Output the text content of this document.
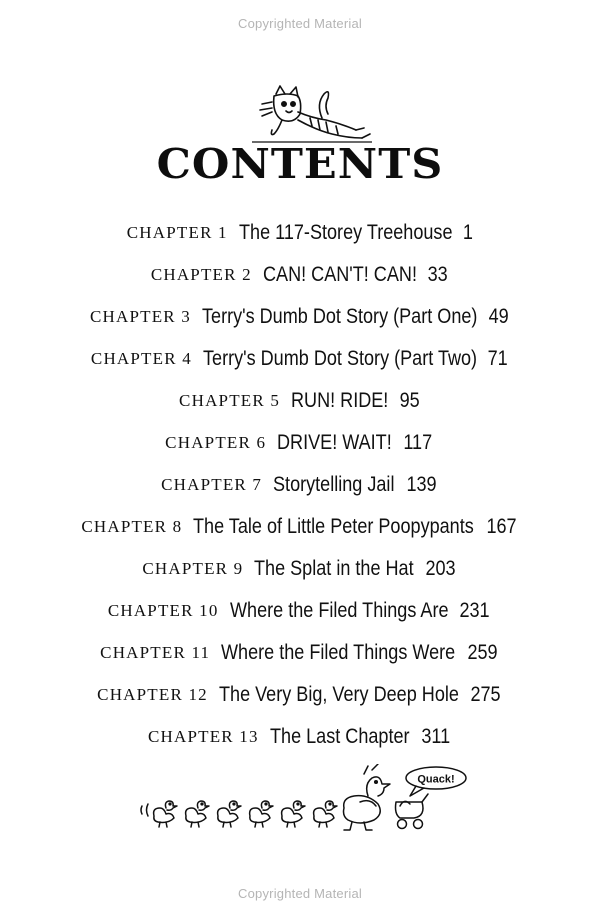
Copyrighted Material
CONTENTS
CHAPTER 1 The 117-Storey Treehouse 1
CHAPTER 2 CAN! CAN'T! CAN! 33
CHAPTER 3 Terry's Dumb Dot Story (Part One) 49
CHAPTER 4 Terry's Dumb Dot Story (Part Two) 71
CHAPTER 5 RUN! RIDE! 95
CHAPTER 6 DRIVE! WAIT! 117
CHAPTER 7 Storytelling Jail 139
CHAPTER 8 The Tale of Little Peter Poopypants 167
CHAPTER 9 The Splat in the Hat 203
CHAPTER 10 Where the Filed Things Are 231
CHAPTER 11 Where the Filed Things Were 259
CHAPTER 12 The Very Big, Very Deep Hole 275
CHAPTER 13 The Last Chapter 311
Quack!
Copyrighted Material
